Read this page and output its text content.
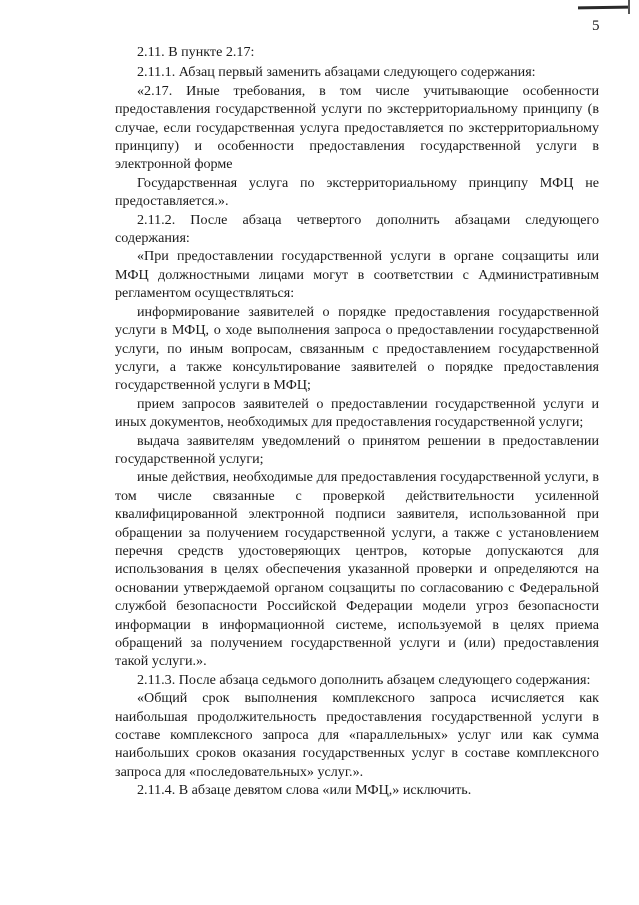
5

2.11. В пункте 2.17:

2.11.1. Абзац первый заменить абзацами следующего содержания:

«2.17. Иные требования, в том числе учитывающие особенности предоставления государственной услуги по экстерриториальному принципу (в случае, если государственная услуга предоставляется по экстерриториальному принципу) и особенности предоставления государственной услуги в электронной форме

Государственная услуга по экстерриториальному принципу МФЦ не предоставляется.».

2.11.2. После абзаца четвертого дополнить абзацами следующего содержания:

«При предоставлении государственной услуги в органе соцзащиты или МФЦ должностными лицами могут в соответствии с Административным регламентом осуществляться:

информирование заявителей о порядке предоставления государственной услуги в МФЦ, о ходе выполнения запроса о предоставлении государственной услуги, по иным вопросам, связанным с предоставлением государственной услуги, а также консультирование заявителей о порядке предоставления государственной услуги в МФЦ;

прием запросов заявителей о предоставлении государственной услуги и иных документов, необходимых для предоставления государственной услуги;

выдача заявителям уведомлений о принятом решении в предоставлении государственной услуги;

иные действия, необходимые для предоставления государственной услуги, в том числе связанные с проверкой действительности усиленной квалифицированной электронной подписи заявителя, использованной при обращении за получением государственной услуги, а также с установлением перечня средств удостоверяющих центров, которые допускаются для использования в целях обеспечения указанной проверки и определяются на основании утверждаемой органом соцзащиты по согласованию с Федеральной службой безопасности Российской Федерации модели угроз безопасности информации в информационной системе, используемой в целях приема обращений за получением государственной услуги и (или) предоставления такой услуги.».

2.11.3. После абзаца седьмого дополнить абзацем следующего содержания:

«Общий срок выполнения комплексного запроса исчисляется как наибольшая продолжительность предоставления государственной услуги в составе комплексного запроса для «параллельных» услуг или как сумма наибольших сроков оказания государственных услуг в составе комплексного запроса для «последовательных» услуг.».

2.11.4. В абзаце девятом слова «или МФЦ,» исключить.
